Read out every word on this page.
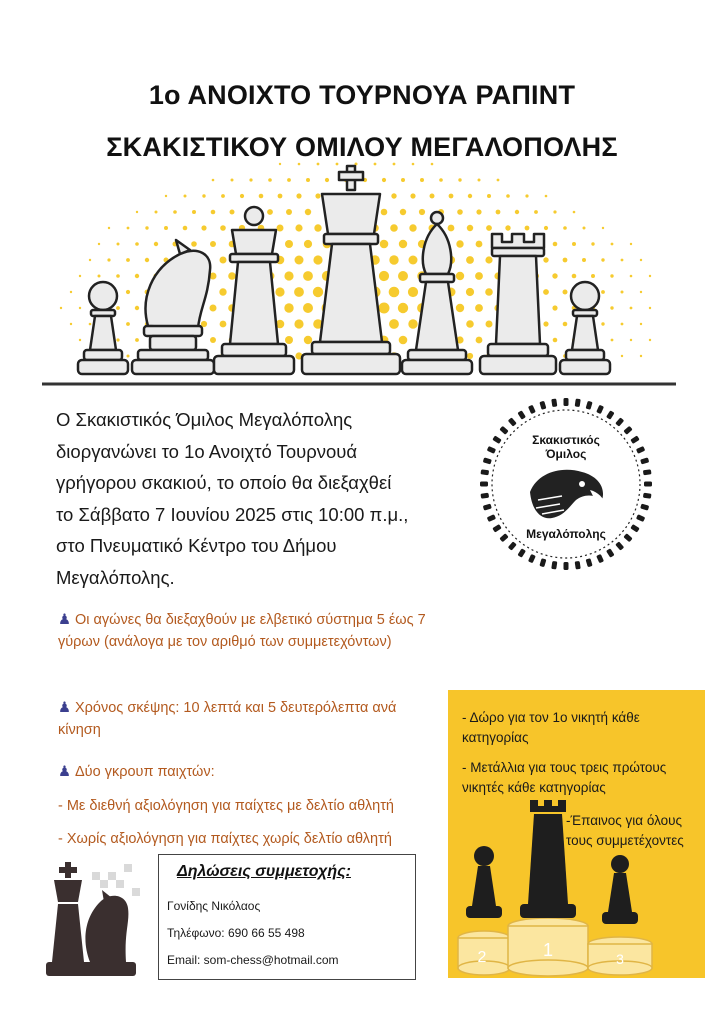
1ο ΑΝΟΙΧΤΟ ΤΟΥΡΝΟΥΑ ΡΑΠΙΝΤ
ΣΚΑΚΙΣΤΙΚΟΥ ΟΜΙΛΟΥ ΜΕΓΑΛΟΠΟΛΗΣ
Ο Σκακιστικός Όμιλος Μεγαλόπολης
διοργανώνει το 1ο Ανοιχτό Τουρνουά
γρήγορου σκακιού, το οποίο θα διεξαχθεί
το Σάββατο 7 Ιουνίου 2025 στις 10:00 π.μ.,
στο Πνευματικό Κέντρο του Δήμου
Μεγαλόπολης.
Σκακιστικός
Όμιλος
Μεγαλόπολης
♟ Οι αγώνες θα διεξαχθούν με ελβετικό σύστημα 5 έως 7 γύρων (ανάλογα με τον αριθμό των συμμετεχόντων)
♟ Χρόνος σκέψης: 10 λεπτά και 5 δευτερόλεπτα ανά κίνηση
♟ Δύο γκρουπ παιχτών:
- Με διεθνή αξιολόγηση για παίχτες με δελτίο αθλητή
- Χωρίς αξιολόγηση για παίχτες χωρίς δελτίο αθλητή
2	1	3
- Δώρο για τον 1ο νικητή κάθε κατηγορίας
- Μετάλλια για τους τρεις πρώτους νικητές κάθε κατηγορίας
-Έπαινος για όλους τους συμμετέχοντες
Δηλώσεις συμμετοχής:
Γονίδης Νικόλαος
Τηλέφωνο: 690 66 55 498
Email: som-chess@hotmail.com
